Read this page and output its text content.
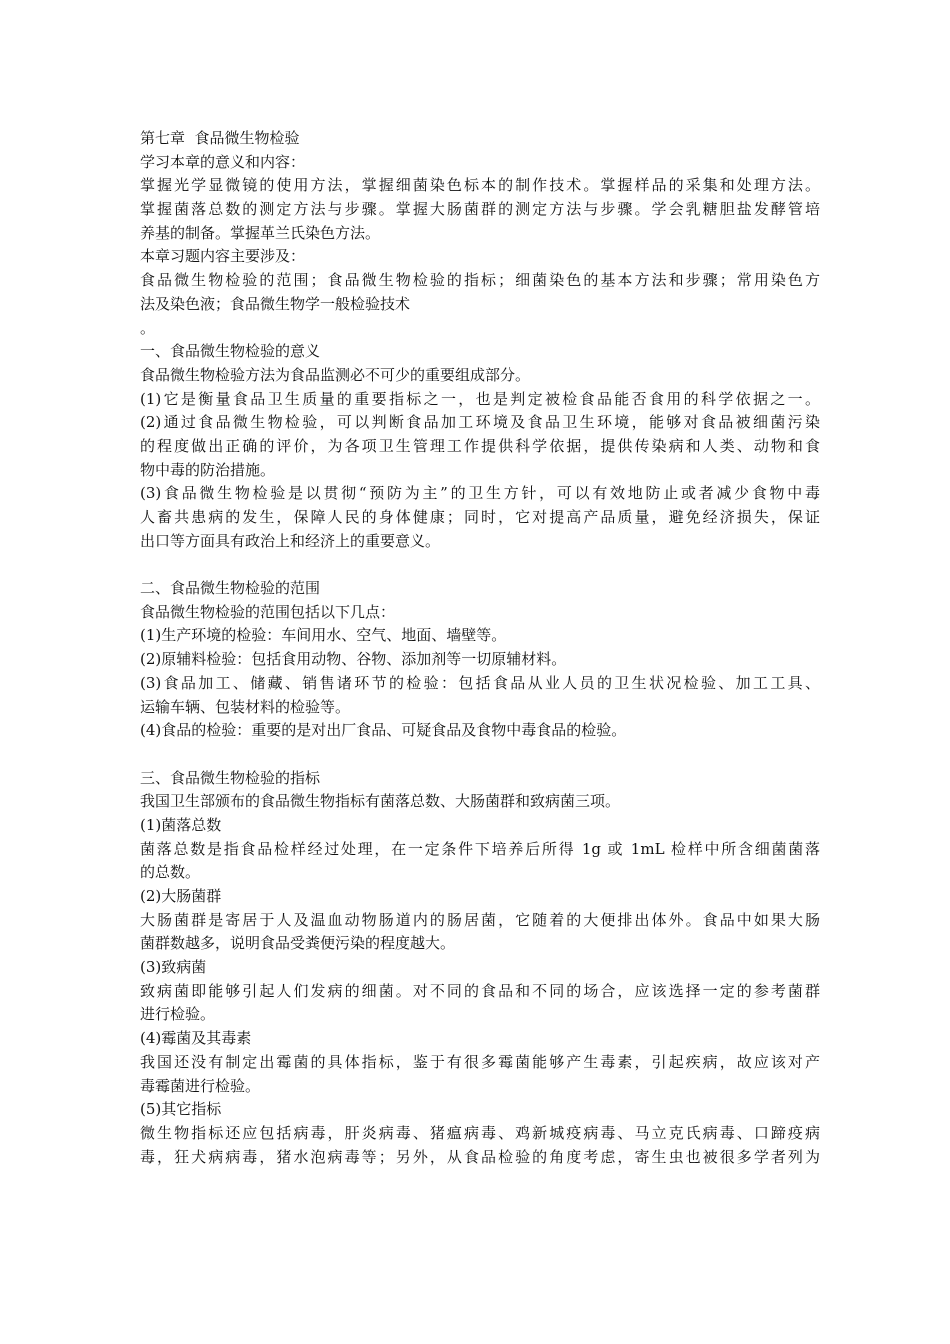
第七章  食品微生物检验
学习本章的意义和内容：
掌握光学显微镜的使用方法，掌握细菌染色标本的制作技术。掌握样品的采集和处理方法。
掌握菌落总数的测定方法与步骤。掌握大肠菌群的测定方法与步骤。学会乳糖胆盐发酵管培
养基的制备。掌握革兰氏染色方法。
本章习题内容主要涉及：
食品微生物检验的范围；食品微生物检验的指标；细菌染色的基本方法和步骤；常用染色方
法及染色液；食品微生物学一般检验技术
。
一、食品微生物检验的意义
食品微生物检验方法为食品监测必不可少的重要组成部分。
(1)它是衡量食品卫生质量的重要指标之一，也是判定被检食品能否食用的科学依据之一。
(2)通过食品微生物检验，可以判断食品加工环境及食品卫生环境，能够对食品被细菌污染
的程度做出正确的评价，为各项卫生管理工作提供科学依据，提供传染病和人类、动物和食
物中毒的防治措施。
(3)食品微生物检验是以贯彻“预防为主”的卫生方针，可以有效地防止或者减少食物中毒
人畜共患病的发生，保障人民的身体健康；同时，它对提高产品质量，避免经济损失，保证
出口等方面具有政治上和经济上的重要意义。
二、食品微生物检验的范围
食品微生物检验的范围包括以下几点：
(1)生产环境的检验：车间用水、空气、地面、墙壁等。
(2)原辅料检验：包括食用动物、谷物、添加剂等一切原辅材料。
(3)食品加工、储藏、销售诸环节的检验：包括食品从业人员的卫生状况检验、加工工具、
运输车辆、包装材料的检验等。
(4)食品的检验：重要的是对出厂食品、可疑食品及食物中毒食品的检验。
三、食品微生物检验的指标
我国卫生部颁布的食品微生物指标有菌落总数、大肠菌群和致病菌三项。
(1)菌落总数
菌落总数是指食品检样经过处理，在一定条件下培养后所得 1g 或 1mL 检样中所含细菌菌落
的总数。
(2)大肠菌群
大肠菌群是寄居于人及温血动物肠道内的肠居菌，它随着的大便排出体外。食品中如果大肠
菌群数越多，说明食品受粪便污染的程度越大。
(3)致病菌
致病菌即能够引起人们发病的细菌。对不同的食品和不同的场合，应该选择一定的参考菌群
进行检验。
(4)霉菌及其毒素
我国还没有制定出霉菌的具体指标，鉴于有很多霉菌能够产生毒素，引起疾病，故应该对产
毒霉菌进行检验。
(5)其它指标
微生物指标还应包括病毒，肝炎病毒、猪瘟病毒、鸡新城疫病毒、马立克氏病毒、口蹄疫病
毒，狂犬病病毒，猪水泡病毒等；另外，从食品检验的角度考虑，寄生虫也被很多学者列为
